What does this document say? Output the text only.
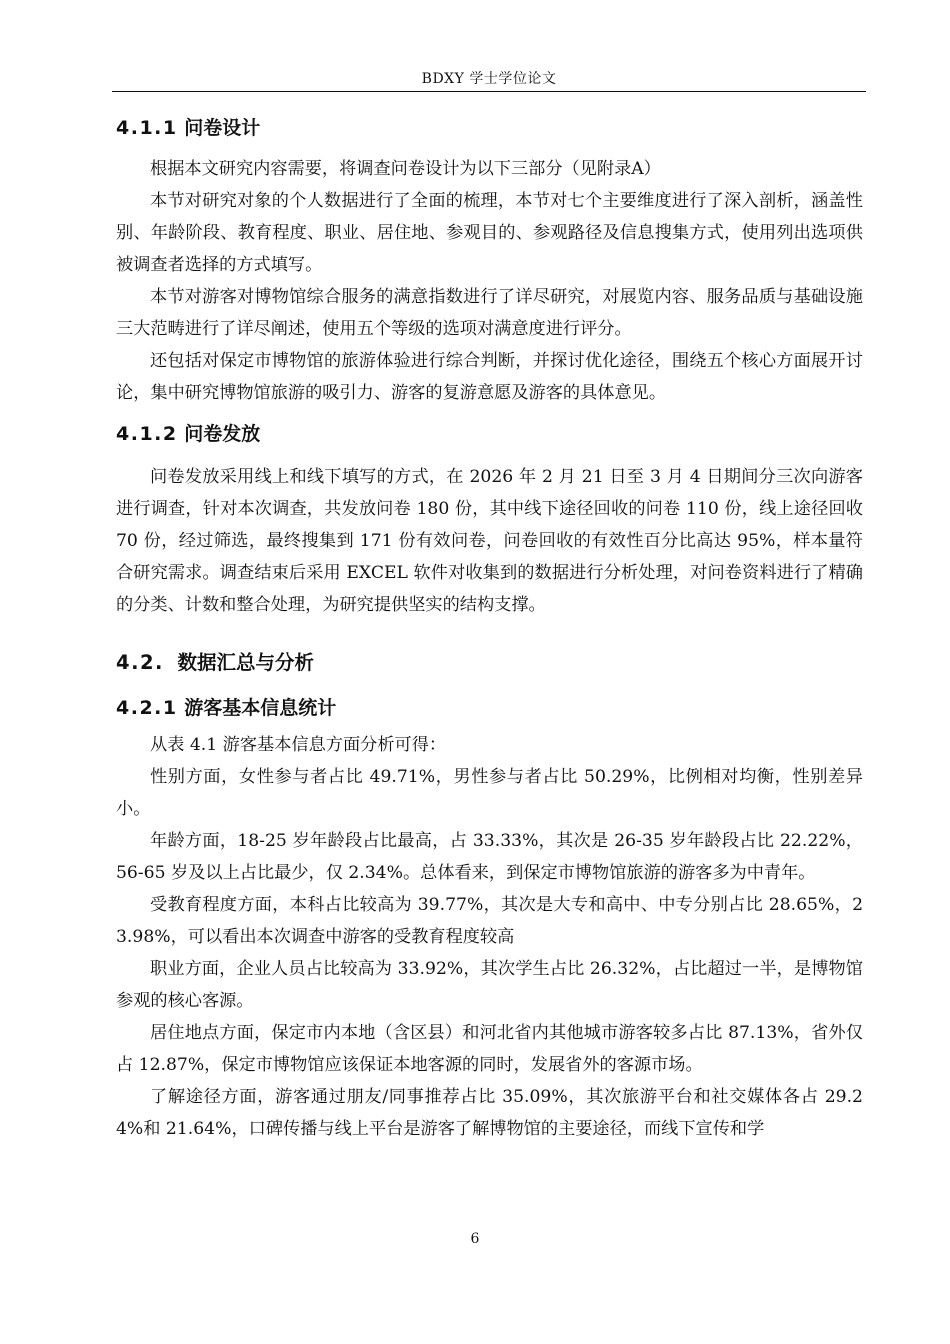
BDXY 学士学位论文
4.1.1 问卷设计

根据本文研究内容需要，将调查问卷设计为以下三部分（见附录A）

本节对研究对象的个人数据进行了全面的梳理，本节对七个主要维度进行了深入剖析，涵盖性别、年龄阶段、教育程度、职业、居住地、参观目的、参观路径及信息搜集方式，使用列出选项供被调查者选择的方式填写。

本节对游客对博物馆综合服务的满意指数进行了详尽研究，对展览内容、服务品质与基础设施三大范畴进行了详尽阐述，使用五个等级的选项对满意度进行评分。

还包括对保定市博物馆的旅游体验进行综合判断，并探讨优化途径，围绕五个核心方面展开讨论，集中研究博物馆旅游的吸引力、游客的复游意愿及游客的具体意见。

4.1.2 问卷发放

问卷发放采用线上和线下填写的方式，在 2026 年 2 月 21 日至 3 月 4 日期间分三次向游客进行调查，针对本次调查，共发放问卷 180 份，其中线下途径回收的问卷 110 份，线上途径回收 70 份，经过筛选，最终搜集到 171 份有效问卷，问卷回收的有效性百分比高达 95%，样本量符合研究需求。调查结束后采用 EXCEL 软件对收集到的数据进行分析处理，对问卷资料进行了精确的分类、计数和整合处理，为研究提供坚实的结构支撑。

4.2. 数据汇总与分析
4.2.1 游客基本信息统计

从表 4.1 游客基本信息方面分析可得：

性别方面，女性参与者占比 49.71%，男性参与者占比 50.29%，比例相对均衡，性别差异小。

年龄方面，18-25 岁年龄段占比最高，占 33.33%，其次是 26-35 岁年龄段占比 22.22%，56-65 岁及以上占比最少，仅 2.34%。总体看来，到保定市博物馆旅游的游客多为中青年。

受教育程度方面，本科占比较高为 39.77%，其次是大专和高中、中专分别占比 28.65%，23.98%，可以看出本次调查中游客的受教育程度较高

职业方面，企业人员占比较高为 33.92%，其次学生占比 26.32%，占比超过一半，是博物馆参观的核心客源。

居住地点方面，保定市内本地（含区县）和河北省内其他城市游客较多占比 87.13%，省外仅占 12.87%，保定市博物馆应该保证本地客源的同时，发展省外的客源市场。

了解途径方面，游客通过朋友/同事推荐占比 35.09%，其次旅游平台和社交媒体各占 29.24%和 21.64%，口碑传播与线上平台是游客了解博物馆的主要途径，而线下宣传和学

6
